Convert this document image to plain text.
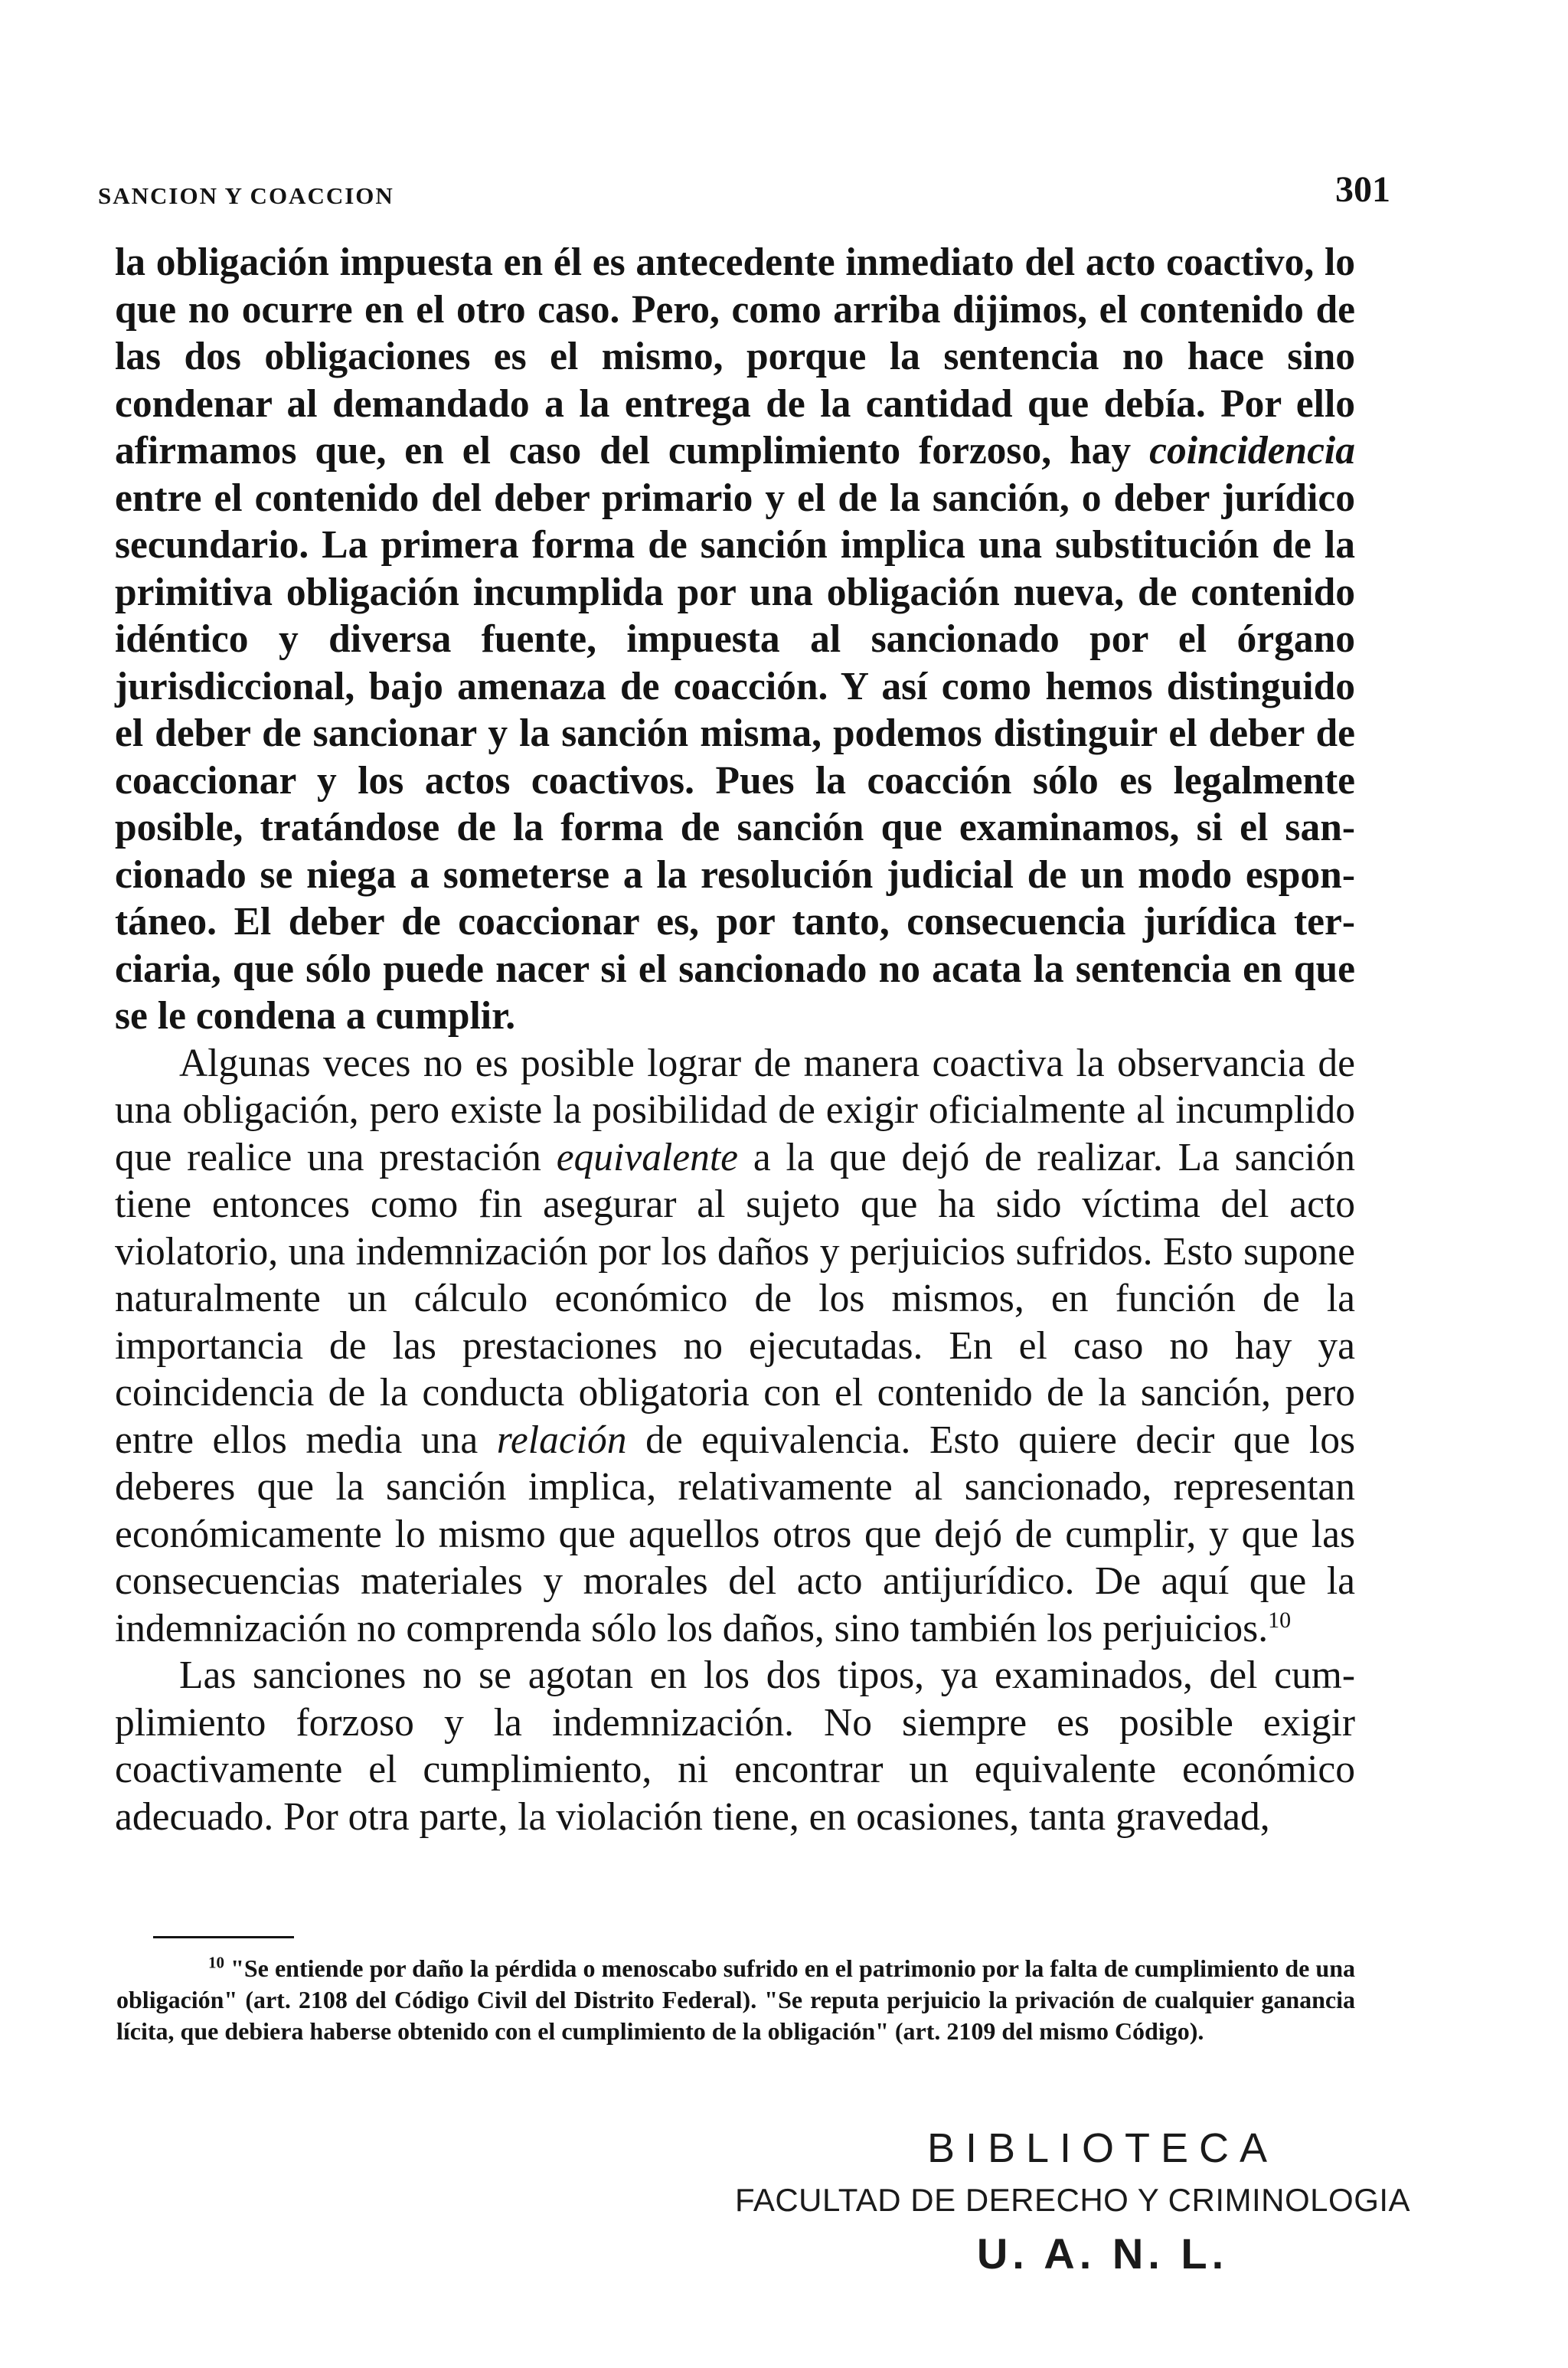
SANCION Y COACCION	301

la obligación impuesta en él es antecedente inmediato del acto coactivo, lo que no ocurre en el otro caso. Pero, como arriba dijimos, el contenido de las dos obligaciones es el mismo, porque la sentencia no hace sino condenar al demandado a la entrega de la cantidad que debía. Por ello afirmamos que, en el caso del cumplimiento forzoso, hay coincidencia entre el contenido del deber primario y el de la sanción, o deber jurídico secundario. La primera forma de sanción implica una substitución de la primitiva obligación incumplida por una obligación nueva, de contenido idéntico y diversa fuente, impuesta al sancionado por el órgano jurisdiccional, bajo amenaza de coacción. Y así como hemos distinguido el deber de sancionar y la sanción misma, podemos distinguir el deber de coaccionar y los actos coactivos. Pues la coacción sólo es legalmente posible, tratándose de la forma de sanción que examinamos, si el sancionado se niega a someterse a la resolución judicial de un modo espontáneo. El deber de coaccionar es, por tanto, consecuencia jurídica terciaria, que sólo puede nacer si el sancionado no acata la sentencia en que se le condena a cumplir.

Algunas veces no es posible lograr de manera coactiva la observancia de una obligación, pero existe la posibilidad de exigir oficialmente al incumplido que realice una prestación equivalente a la que dejó de realizar. La sanción tiene entonces como fin asegurar al sujeto que ha sido víctima del acto violatorio, una indemnización por los daños y perjuicios sufridos. Esto supone naturalmente un cálculo económico de los mismos, en función de la importancia de las prestaciones no ejecutadas. En el caso no hay ya coincidencia de la conducta obligatoria con el contenido de la sanción, pero entre ellos media una relación de equivalencia. Esto quiere decir que los deberes que la sanción implica, relativamente al sancionado, representan económicamente lo mismo que aquellos otros que dejó de cumplir, y que las consecuencias materiales y morales del acto antijurídico. De aquí que la indemnización no comprenda sólo los daños, sino también los perjuicios.$^{10}$

Las sanciones no se agotan en los dos tipos, ya examinados, del cumplimiento forzoso y la indemnización. No siempre es posible exigir coactivamente el cumplimiento, ni encontrar un equivalente económico adecuado. Por otra parte, la violación tiene, en ocasiones, tanta gravedad,

$^{10}$ "Se entiende por daño la pérdida o menoscabo sufrido en el patrimonio por la falta de cumplimiento de una obligación" (art. 2108 del Código Civil del Distrito Federal). "Se reputa perjuicio la privación de cualquier ganancia lícita, que debiera haberse obtenido con el cumplimiento de la obligación" (art. 2109 del mismo Código).
BIBLIOTECA
FACULTAD DE DERECHO Y CRIMINOLOGIA
U. A. N. L.
